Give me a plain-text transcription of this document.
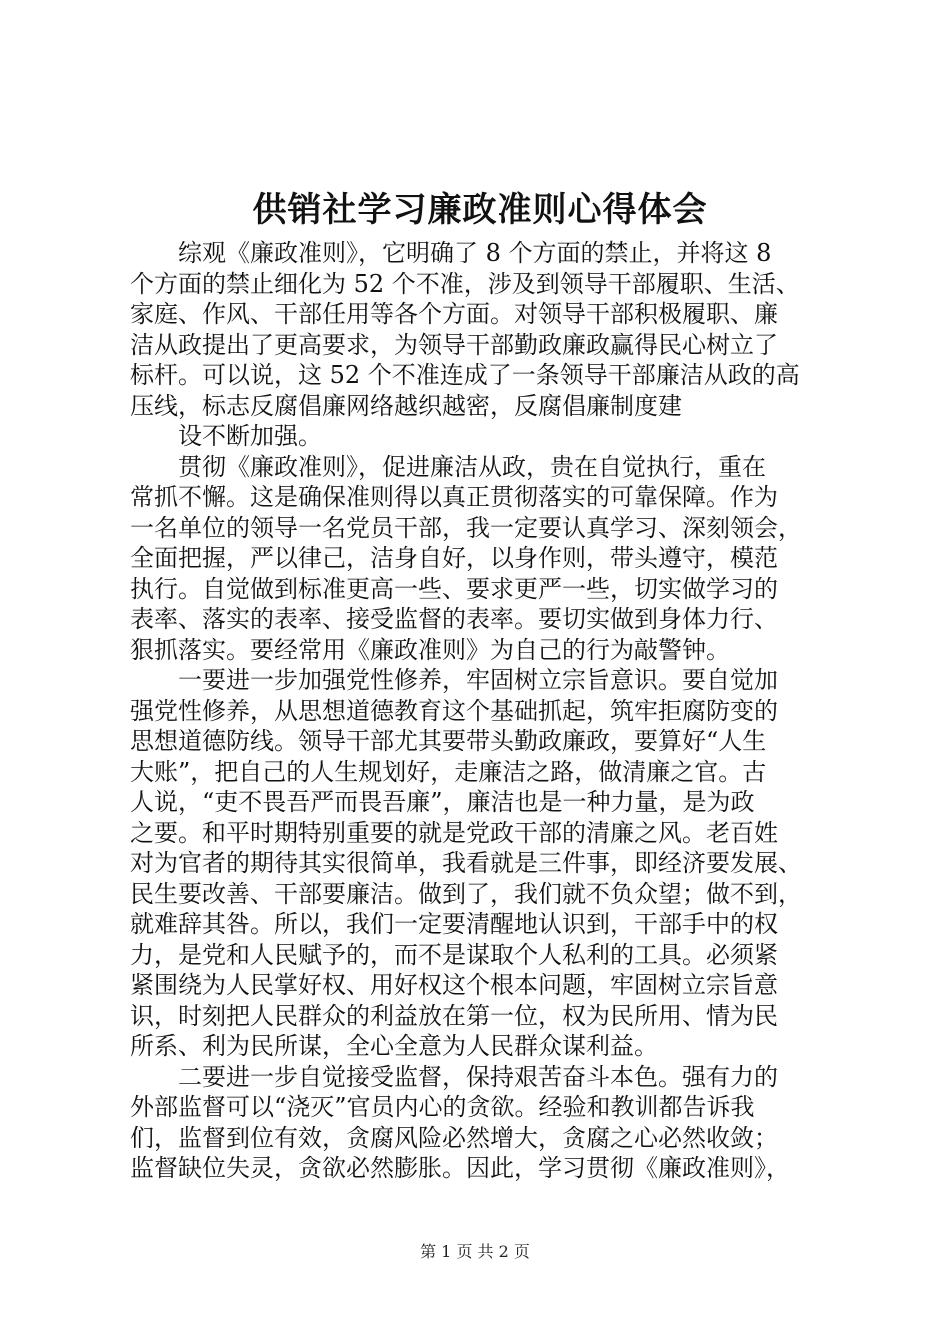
供销社学习廉政准则心得体会
　　综观《廉政准则》，它明确了 8 个方面的禁止，并将这 8
个方面的禁止细化为 52 个不准，涉及到领导干部履职、生活、
家庭、作风、干部任用等各个方面。对领导干部积极履职、廉
洁从政提出了更高要求，为领导干部勤政廉政赢得民心树立了
标杆。可以说，这 52 个不准连成了一条领导干部廉洁从政的高
压线，标志反腐倡廉网络越织越密，反腐倡廉制度建
　　设不断加强。
　　贯彻《廉政准则》，促进廉洁从政，贵在自觉执行，重在
常抓不懈。这是确保准则得以真正贯彻落实的可靠保障。作为
一名单位的领导一名党员干部，我一定要认真学习、深刻领会，
全面把握，严以律己，洁身自好，以身作则，带头遵守，模范
执行。自觉做到标准更高一些、要求更严一些，切实做学习的
表率、落实的表率、接受监督的表率。要切实做到身体力行、
狠抓落实。要经常用《廉政准则》为自己的行为敲警钟。
　　一要进一步加强党性修养，牢固树立宗旨意识。要自觉加
强党性修养，从思想道德教育这个基础抓起，筑牢拒腐防变的
思想道德防线。领导干部尤其要带头勤政廉政，要算好“人生
大账”，把自己的人生规划好，走廉洁之路，做清廉之官。古
人说，“吏不畏吾严而畏吾廉”，廉洁也是一种力量，是为政
之要。和平时期特别重要的就是党政干部的清廉之风。老百姓
对为官者的期待其实很简单，我看就是三件事，即经济要发展、
民生要改善、干部要廉洁。做到了，我们就不负众望；做不到，
就难辞其咎。所以，我们一定要清醒地认识到，干部手中的权
力，是党和人民赋予的，而不是谋取个人私利的工具。必须紧
紧围绕为人民掌好权、用好权这个根本问题，牢固树立宗旨意
识，时刻把人民群众的利益放在第一位，权为民所用、情为民
所系、利为民所谋，全心全意为人民群众谋利益。
　　二要进一步自觉接受监督，保持艰苦奋斗本色。强有力的
外部监督可以“浇灭”官员内心的贪欲。经验和教训都告诉我
们，监督到位有效，贪腐风险必然增大，贪腐之心必然收敛；
监督缺位失灵，贪欲必然膨胀。因此，学习贯彻《廉政准则》，
第 1 页 共 2 页
